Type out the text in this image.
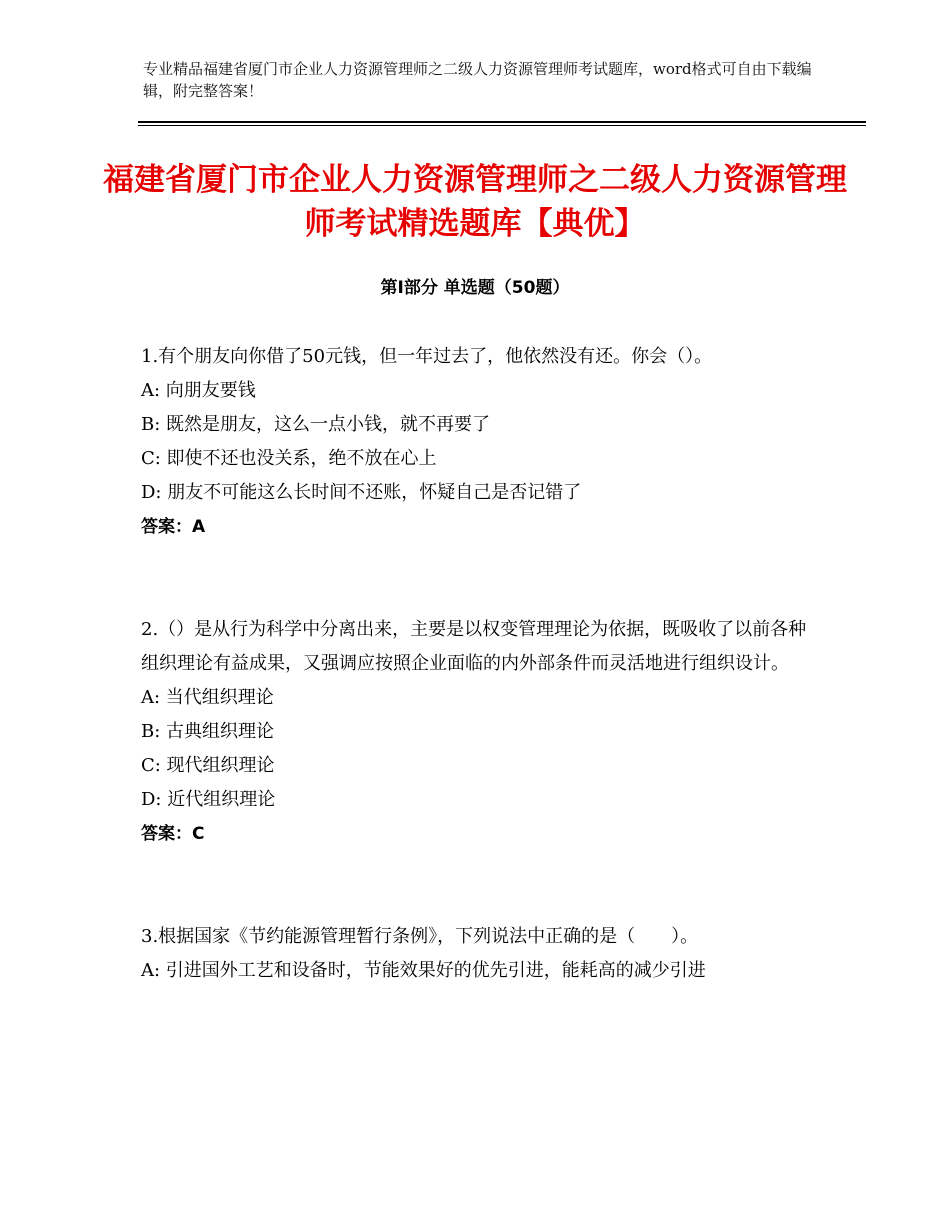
专业精品福建省厦门市企业人力资源管理师之二级人力资源管理师考试题库，word格式可自由下载编辑，附完整答案！
福建省厦门市企业人力资源管理师之二级人力资源管理师考试精选题库【典优】
第Ⅰ部分 单选题（50题）
1.有个朋友向你借了50元钱，但一年过去了，他依然没有还。你会（）。
A: 向朋友要钱
B: 既然是朋友，这么一点小钱，就不再要了
C: 即使不还也没关系，绝不放在心上
D: 朋友不可能这么长时间不还账，怀疑自己是否记错了
答案：A
2.（）是从行为科学中分离出来，主要是以权变管理理论为依据，既吸收了以前各种组织理论有益成果，又强调应按照企业面临的内外部条件而灵活地进行组织设计。
A: 当代组织理论
B: 古典组织理论
C: 现代组织理论
D: 近代组织理论
答案：C
3.根据国家《节约能源管理暂行条例》，下列说法中正确的是（　　）。
A: 引进国外工艺和设备时，节能效果好的优先引进，能耗高的减少引进
